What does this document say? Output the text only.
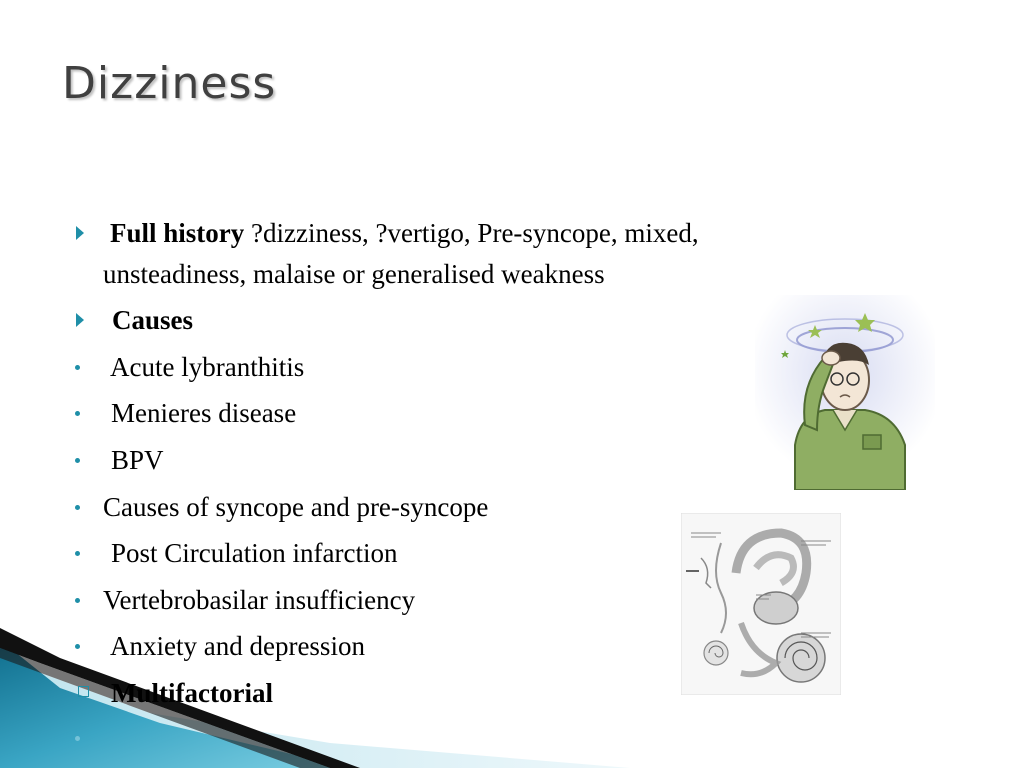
Dizziness
Full history ?dizziness, ?vertigo, Pre-syncope, mixed,
unsteadiness, malaise or generalised weakness
Causes
Acute lybranthitis
Menieres disease
BPV
Causes of syncope and pre-syncope
Post Circulation infarction
Vertebrobasilar insufficiency
Anxiety and depression
Multifactorial
